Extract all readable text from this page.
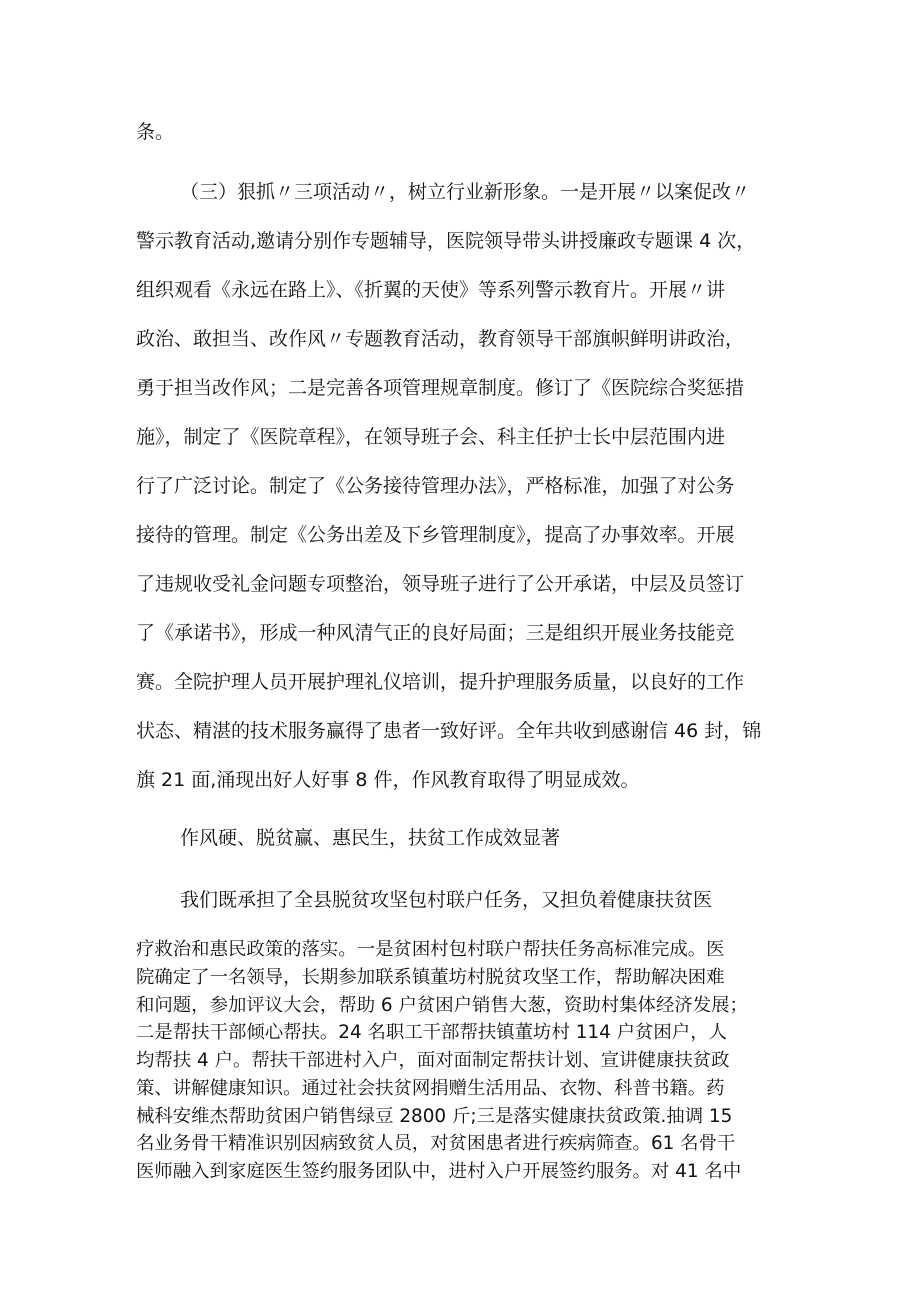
条。

（三）狠抓〃三项活动〃，树立行业新形象。一是开展〃以案促改〃

警示教育活动,邀请分别作专题辅导，医院领导带头讲授廉政专题课 4 次，

组织观看《永远在路上》、《折翼的天使》等系列警示教育片。开展〃讲

政治、敢担当、改作风〃专题教育活动，教育领导干部旗帜鲜明讲政治，

勇于担当改作风；二是完善各项管理规章制度。修订了《医院综合奖惩措

施》，制定了《医院章程》，在领导班子会、科主任护士长中层范围内进

行了广泛讨论。制定了《公务接待管理办法》，严格标准，加强了对公务

接待的管理。制定《公务出差及下乡管理制度》，提高了办事效率。开展

了违规收受礼金问题专项整治，领导班子进行了公开承诺，中层及员签订

了《承诺书》，形成一种风清气正的良好局面；三是组织开展业务技能竞

赛。全院护理人员开展护理礼仪培训，提升护理服务质量，以良好的工作

状态、精湛的技术服务赢得了患者一致好评。全年共收到感谢信 46 封，锦

旗 21 面,涌现出好人好事 8 件，作风教育取得了明显成效。

作风硬、脱贫赢、惠民生，扶贫工作成效显著

我们既承担了全县脱贫攻坚包村联户任务，又担负着健康扶贫医

疗救治和惠民政策的落实。一是贫困村包村联户帮扶任务高标准完成。医

院确定了一名领导，长期参加联系镇董坊村脱贫攻坚工作，帮助解决困难

和问题，参加评议大会，帮助 6 户贫困户销售大葱，资助村集体经济发展；

二是帮扶干部倾心帮扶。24 名职工干部帮扶镇董坊村 114 户贫困户，人

均帮扶 4 户。帮扶干部进村入户，面对面制定帮扶计划、宣讲健康扶贫政

策、讲解健康知识。通过社会扶贫网捐赠生活用品、衣物、科普书籍。药

械科安维杰帮助贫困户销售绿豆 2800 斤;三是落实健康扶贫政策.抽调 15

名业务骨干精准识别因病致贫人员，对贫困患者进行疾病筛查。61 名骨干

医师融入到家庭医生签约服务团队中，进村入户开展签约服务。对 41 名中
